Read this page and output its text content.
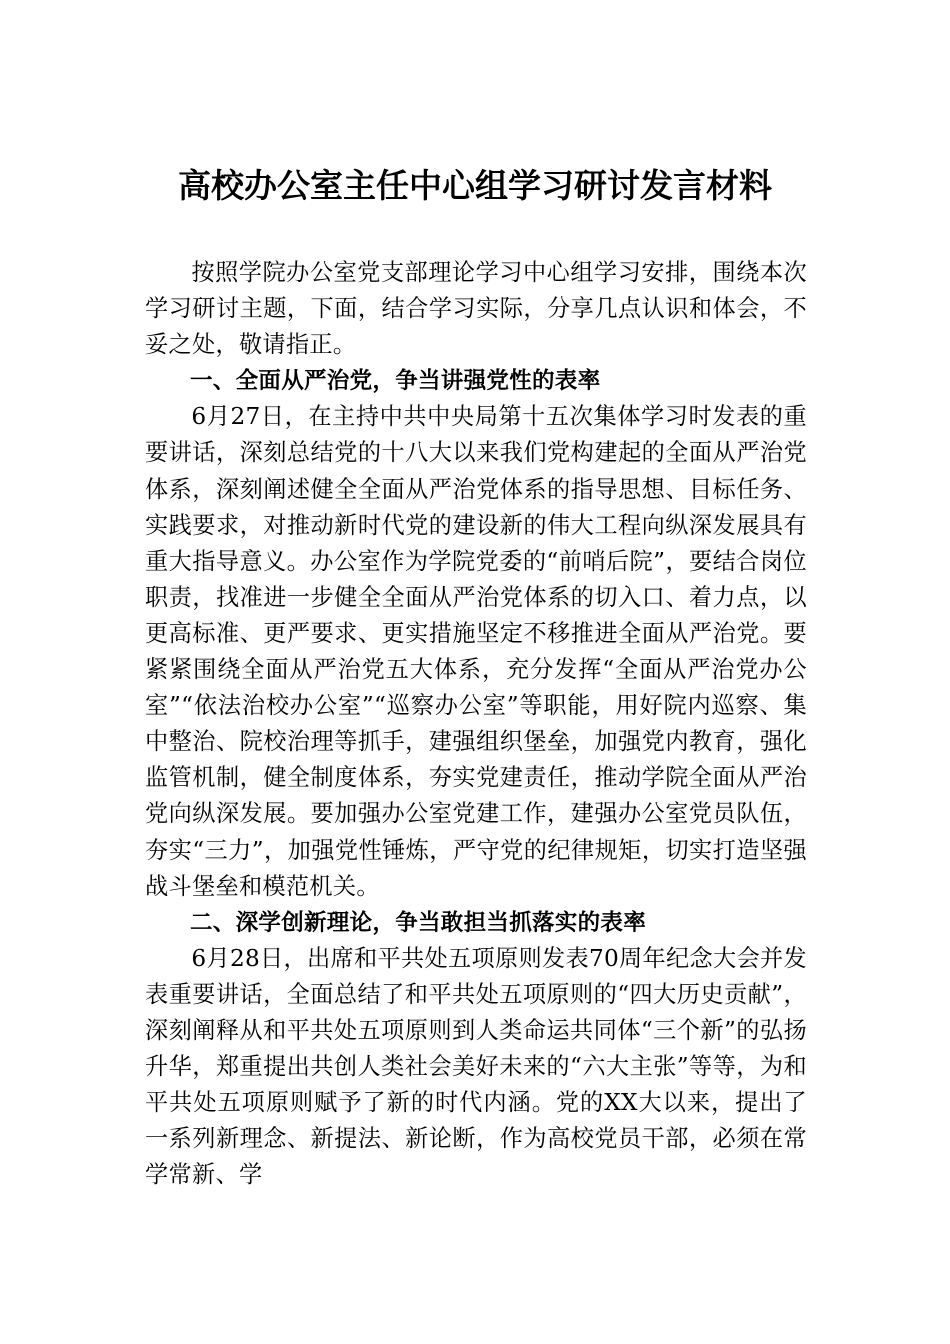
高校办公室主任中心组学习研讨发言材料

按照学院办公室党支部理论学习中心组学习安排，围绕本次学习研讨主题，下面，结合学习实际，分享几点认识和体会，不妥之处，敬请指正。

一、全面从严治党，争当讲强党性的表率

6月27日，在主持中共中央局第十五次集体学习时发表的重要讲话，深刻总结党的十八大以来我们党构建起的全面从严治党体系，深刻阐述健全全面从严治党体系的指导思想、目标任务、实践要求，对推动新时代党的建设新的伟大工程向纵深发展具有重大指导意义。办公室作为学院党委的“前哨后院”，要结合岗位职责，找准进一步健全全面从严治党体系的切入口、着力点，以更高标准、更严要求、更实措施坚定不移推进全面从严治党。要紧紧围绕全面从严治党五大体系，充分发挥“全面从严治党办公室”“依法治校办公室”“巡察办公室”等职能，用好院内巡察、集中整治、院校治理等抓手，建强组织堡垒，加强党内教育，强化监管机制，健全制度体系，夯实党建责任，推动学院全面从严治党向纵深发展。要加强办公室党建工作，建强办公室党员队伍，夯实“三力”，加强党性锤炼，严守党的纪律规矩，切实打造坚强战斗堡垒和模范机关。

二、深学创新理论，争当敢担当抓落实的表率

6月28日，出席和平共处五项原则发表70周年纪念大会并发表重要讲话，全面总结了和平共处五项原则的“四大历史贡献”，深刻阐释从和平共处五项原则到人类命运共同体“三个新”的弘扬升华，郑重提出共创人类社会美好未来的“六大主张”等等，为和平共处五项原则赋予了新的时代内涵。党的XX大以来，提出了一系列新理念、新提法、新论断，作为高校党员干部，必须在常学常新、学
